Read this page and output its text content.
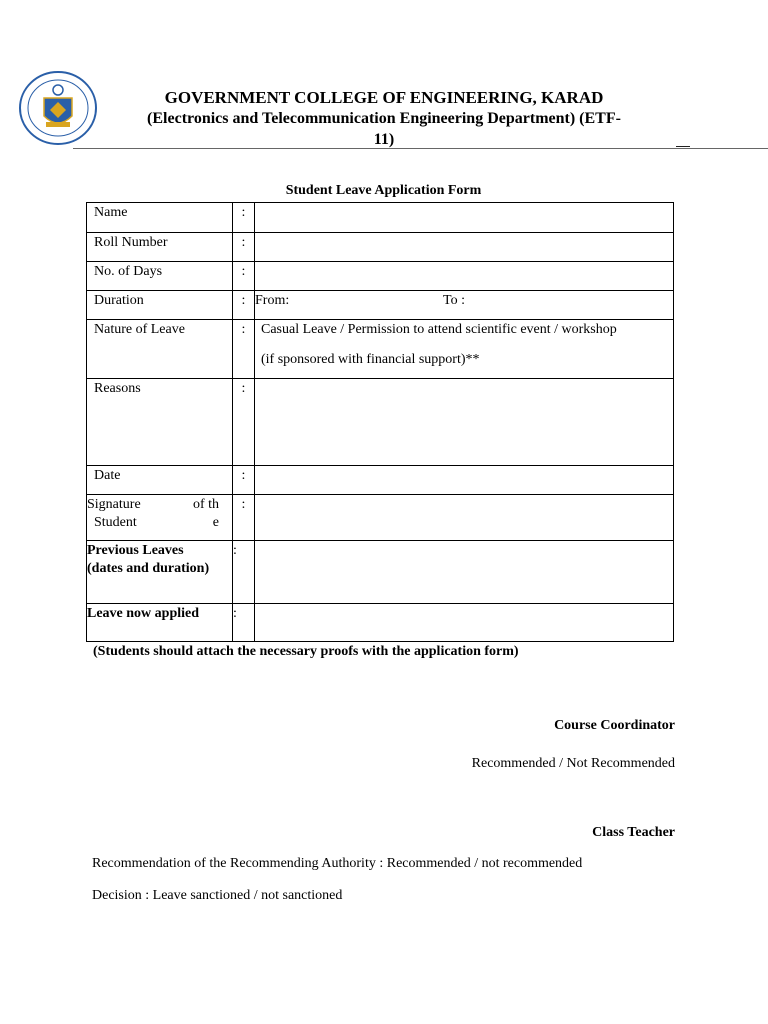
GOVERNMENT COLLEGE OF ENGINEERING, KARAD
(Electronics and Telecommunication Engineering Department) (ETF-
11)
Student Leave Application Form
Name	:	

Roll Number	:	

No. of Days	:	

Duration	:	From: To :

Nature of Leave	:	Casual Leave / Permission to attend scientific event / workshop
(if sponsored with financial support)**

Reasons	:	

Date	:	

Signature of th
Student e	:	

Previous Leaves
(dates and duration)	:	

Leave now applied	:	

(Students should attach the necessary proofs with the application form)
Course Coordinator
Recommended / Not Recommended
Class Teacher
Recommendation of the Recommending Authority : Recommended / not recommended
Decision : Leave sanctioned / not sanctioned
